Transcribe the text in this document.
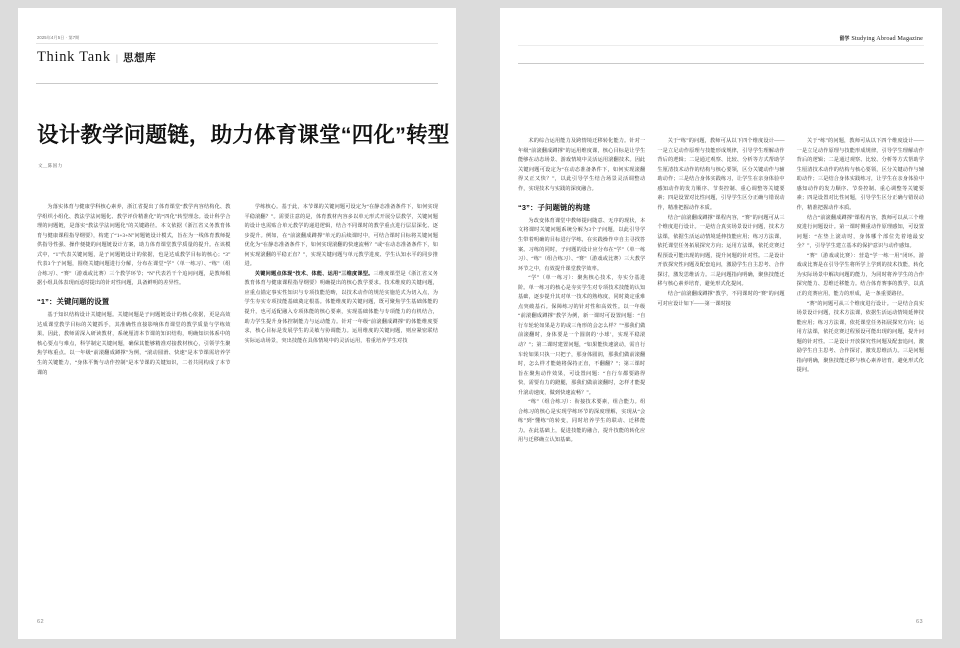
2025年4月5日 · 第7期
Think Tank | 思想库
设计教学问题链，助力体育课堂“四化”转型
文＿陈国力

为落实体育与健康学科核心素养，浙江省提出了体育课堂“教学内容结构化、教学组织小组化、教法学法问题化、教学评价精准化”的“四化”转型理念。设计科学合理的问题链，是落实“教法学法问题化”的关键路径。本文依据《浙江省义务教育体育与健康课程指导纲要》，构建了“1+3+N”问题链设计模式，旨在为一线体育教师提供指导性强、操作便捷的问题链设计方案，助力体育课堂教学质量的提升。在该模式中，“1”代表关键问题，是子问题链设计的依据，也是达成教学目标的核心；“3”代表3个子问题，围绕关键问题进行分解，分布在课堂“学”（单一练习）、“练”（组合练习）、“赛”（游戏或比赛）三个教学环节；“N”代表若干个追问问题，是教师根据小组具体表现而适时提出的针对性问题，具备鲜明的差异性。

“1”：关键问题的设置

基于知识结构设计关键问题。关键问题是子问题链设计的核心依据，更是高效达成课堂教学目标的关键抓手，其准确性直接影响体育课堂的教学质量与学练效果。因此，教师需深入研读教材，系统厘清本节课的知识结构，明确知识体系中的核心要点与难点，科学制定关键问题，确保其能够精准对接教材核心，引领学生聚焦学练重点。以一年级“前滚翻成蹲撑”为例，“滚动圆滑、快速”是本节课需培养学生的关键能力，“身体平衡与动作控制”是本节课的关键知识，二者共同构成了本节课的

学练核心。基于此，本节课的关键问题可设定为“在静态准备条件下，如何实现平稳滚翻？”。需要注意的是，体育教材内容多以单元形式开展分层教学，关键问题的设计也需贴合单元教学的递进逻辑，结合不同课时的教学重点进行层层深化、逐步提升。例如，在“前滚翻成蹲撑”单元的后续课时中，可结合课时目标将关键问题优化为“在静态准备条件下，如何实现滚翻的快速流畅？”或“在动态准备条件下，如何实现滚翻的平稳正直？”，实现关键问题与单元教学进度、学生认知水平的同步推进。

关键问题点体现“技术、体能、运用”三维度课型。三维度课型是《浙江省义务教育体育与健康课程指导纲要》明确提出的核心教学要求。技术维度的关键问题，应重点锚定事实性知识与专项技能范畴，以技术动作的规范实施范式为切入点，为学生夯实专项技能基础奠定根基。体能维度的关键问题，既可聚焦学生基础体能的提升，也可适配融入专项体能的核心要素，实现基础体能与专项能力的有机结合，助力学生提升身体控制能力与运动能力。针对一年级“前滚翻成蹲撑”的体能维度要求，核心目标是发展学生的灵敏与协调能力。运用维度的关键问题，则应紧密联结实际运动场景，突出技能在具体情境中的灵活运用，着重培养学生对技

62
留学 Studying Abroad Magazine

术的综合运用能力及跨情境迁移转化能力。针对一年级“前滚翻成蹲撑”的运用维度课，核心目标是让学生能够在动态场景、游戏情境中灵活运用滚翻技术。因此关键问题可设定为“在动态准备条件下，如何实现滚翻得又正又快？”，以此引导学生结合场景灵活调整动作，实现技术与实践的深度融合。

“3”：子问题链的构建

为改变体育课堂中教师提问随意、无序的现状，本文将课时关键问题系统分解为3个子问题，以此引导学生带着明确的目标进行学练，在实践操作中自主寻找答案。习练的同时，子问题的设计应分布在“学”（单一练习）、“练”（组合练习）、“赛”（游戏或比赛）三大教学环节之中，有效提升课堂教学效率。

“学”（单一练习）：聚焦核心技术，夯实分基进阶。单一练习的核心是夯实学生对专项技术技能的认知基础，逐步提升其对单一技术的熟练度，同时奠定重难点突破基石。保障练习的针对性和高效性。以一年级“前滚翻成蹲撑”教学为例，新一课时可设置问题：“自行车轮轮如果是方的或三角形的会怎么样？”“那我们做前滚翻时，身体要是一个圆润的‘小球’，实现平稳滚动？”；第二课时建置问题，“如果能快速滚动，需自行车轮如果只执一只把子，那身体圆润，那我们做前滚翻时，怎么样才能她将保持正直，不翻翻？”；第三课时旨在聚焦动作效果，可设置问题：“自行车都要路得快，需要有力的蹬腿，那我们做前滚翻时，怎样才能提升滚动速度，做到快速流畅？”。

“练”（组合练习）：衔接技术要素，组合能力。组合练习的核心是实现学练环节的深度理解，实现从“会练”到“懂练”的转变，同时培养学生的联动、迁移能力。在此基础上，促进技能的融合，提升技能的转化应用与迁移确立认知基础。

关于“练”的问题，教师可从以下四个维度设计——一是立足动作原理与技能形成规律，引导学生理解动作背后的逻辑；二是通过观察、比较、分析等方式帮助学生厘清技术动作的结构与核心要领，区分关键动作与辅助动作；三是结合身体实践练习，让学生在亲身体验中感知动作的发力顺序、节奏控制、重心调整等关键要素；四是设置对比性问题，引导学生区分正确与错误动作，精准把握动作本质。

结合“前滚翻成蹲撑”课程内容，“赛”的问题可从三个维度进行设计。一是结合真实场景设计问题，技术方法课，依据生活运动情境延伸技能应用；练习方法课，依托课堂任务拓展探究方向；运用方法课，依托竞赛过程预设可能出现的问题，提升问题的针对性。二是设计开放探究性问题及配套追问，激励学生自主思考、合作探讨，激发思维活力。三是问题指向明确，聚焦技能迁移与核心素养培育，避免形式化提问。

结合“前滚翻成蹲撑”教学，不同课时的“赛”的问题可对应设计如下——第一课时接

关于“练”的问题，教师可从以下四个维度设计——一是立足动作原理与技能形成规律，引导学生理解动作背后的逻辑；二是通过观察、比较、分析等方式帮助学生厘清技术动作的结构与核心要领，区分关键动作与辅助动作；三是结合身体实践练习，让学生在亲身体验中感知动作的发力顺序、节奏控制、重心调整等关键要素；四是设置对比性问题，引导学生区分正确与错误动作，精准把握动作本质。

结合“前滚翻成蹲撑”课程内容，教师可以从三个维度进行问题设计。第一课时侧重动作原理感知，可设置问题：“在垫上滚动时，身体哪个部位先着地最安全？”，引导学生建立基本的保护意识与动作感知。

“赛”（游戏或比赛）：营造“学一练一用”闭环。游戏或比赛是在引导学生将所学上学到的技术技能，转化为实际场景中解决问题的能力，为同时将养学生的合作探究能力、思维迁移能力。结合体育赛事的教学，以真正的竞赛应用，能力的形成，是一条重要路径。

“赛”的问题可从三个维度进行设计。一是结合真实场景设计问题，技术方法课，依据生活运动情境延伸技能应用；练习方法课，依托课堂任务拓展探究方向；运用方法课，依托竞赛过程预设可能出现的问题，提升问题的针对性。二是设计开放探究性问题及配套追问，激励学生自主思考、合作探讨，激发思维活力。三是问题指向明确，聚焦技能迁移与核心素养培育，避免形式化提问。

63
